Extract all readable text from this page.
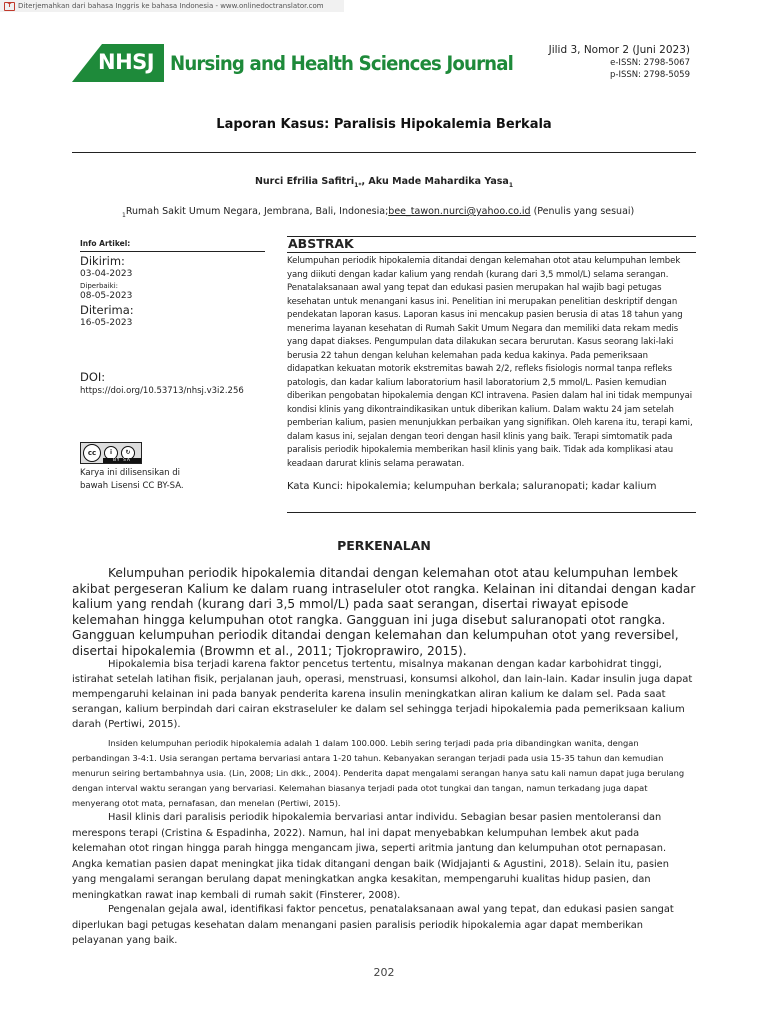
T Diterjemahkan dari bahasa Inggris ke bahasa Indonesia - www.onlinedoctranslator.com
NHSJ Nursing and Health Sciences Journal
Jilid 3, Nomor 2 (Juni 2023)
e-ISSN: 2798-5067
p-ISSN: 2798-5059
Laporan Kasus: Paralisis Hipokalemia Berkala
Nurci Efrilia Safitri$_{1*}$, Aku Made Mahardika Yasa$_1$
$_1$Rumah Sakit Umum Negara, Jembrana, Bali, Indonesia;bee_tawon.nurci@yahoo.co.id (Penulis yang sesuai)
Info Artikel:
Dikirim:
03-04-2023
Diperbaiki:
08-05-2023
Diterima:
16-05-2023
DOI:
https://doi.org/10.53713/nhsj.v3i2.256
cc	i	↻
BY SA
Karya ini dilisensikan di
bawah Lisensi CC BY-SA.
ABSTRAK
Kelumpuhan periodik hipokalemia ditandai dengan kelemahan otot atau kelumpuhan lembek yang diikuti dengan kadar kalium yang rendah (kurang dari 3,5 mmol/L) selama serangan. Penatalaksanaan awal yang tepat dan edukasi pasien merupakan hal wajib bagi petugas kesehatan untuk menangani kasus ini. Penelitian ini merupakan penelitian deskriptif dengan pendekatan laporan kasus. Laporan kasus ini mencakup pasien berusia di atas 18 tahun yang menerima layanan kesehatan di Rumah Sakit Umum Negara dan memiliki data rekam medis yang dapat diakses. Pengumpulan data dilakukan secara berurutan. Kasus seorang laki-laki berusia 22 tahun dengan keluhan kelemahan pada kedua kakinya. Pada pemeriksaan didapatkan kekuatan motorik ekstremitas bawah 2/2, refleks fisiologis normal tanpa refleks patologis, dan kadar kalium laboratorium hasil laboratorium 2,5 mmol/L. Pasien kemudian diberikan pengobatan hipokalemia dengan KCl intravena. Pasien dalam hal ini tidak mempunyai kondisi klinis yang dikontraindikasikan untuk diberikan kalium. Dalam waktu 24 jam setelah pemberian kalium, pasien menunjukkan perbaikan yang signifikan. Oleh karena itu, terapi kami, dalam kasus ini, sejalan dengan teori dengan hasil klinis yang baik. Terapi simtomatik pada paralisis periodik hipokalemia memberikan hasil klinis yang baik. Tidak ada komplikasi atau keadaan darurat klinis selama perawatan.
Kata Kunci: hipokalemia; kelumpuhan berkala; saluranopati; kadar kalium
PERKENALAN
Kelumpuhan periodik hipokalemia ditandai dengan kelemahan otot atau kelumpuhan lembek akibat pergeseran Kalium ke dalam ruang intraseluler otot rangka. Kelainan ini ditandai dengan kadar kalium yang rendah (kurang dari 3,5 mmol/L) pada saat serangan, disertai riwayat episode kelemahan hingga kelumpuhan otot rangka. Gangguan ini juga disebut saluranopati otot rangka. Gangguan kelumpuhan periodik ditandai dengan kelemahan dan kelumpuhan otot yang reversibel, disertai hipokalemia (Browmn et al., 2011; Tjokroprawiro, 2015).
Hipokalemia bisa terjadi karena faktor pencetus tertentu, misalnya makanan dengan kadar karbohidrat tinggi, istirahat setelah latihan fisik, perjalanan jauh, operasi, menstruasi, konsumsi alkohol, dan lain-lain. Kadar insulin juga dapat mempengaruhi kelainan ini pada banyak penderita karena insulin meningkatkan aliran kalium ke dalam sel. Pada saat serangan, kalium berpindah dari cairan ekstraseluler ke dalam sel sehingga terjadi hipokalemia pada pemeriksaan kalium darah (Pertiwi, 2015).
Insiden kelumpuhan periodik hipokalemia adalah 1 dalam 100.000. Lebih sering terjadi pada pria dibandingkan wanita, dengan perbandingan 3-4:1. Usia serangan pertama bervariasi antara 1-20 tahun. Kebanyakan serangan terjadi pada usia 15-35 tahun dan kemudian menurun seiring bertambahnya usia. (Lin, 2008; Lin dkk., 2004). Penderita dapat mengalami serangan hanya satu kali namun dapat juga berulang dengan interval waktu serangan yang bervariasi. Kelemahan biasanya terjadi pada otot tungkai dan tangan, namun terkadang juga dapat menyerang otot mata, pernafasan, dan menelan (Pertiwi, 2015).
Hasil klinis dari paralisis periodik hipokalemia bervariasi antar individu. Sebagian besar pasien mentoleransi dan merespons terapi (Cristina & Espadinha, 2022). Namun, hal ini dapat menyebabkan kelumpuhan lembek akut pada kelemahan otot ringan hingga parah hingga mengancam jiwa, seperti aritmia jantung dan kelumpuhan otot pernapasan. Angka kematian pasien dapat meningkat jika tidak ditangani dengan baik (Widjajanti & Agustini, 2018). Selain itu, pasien yang mengalami serangan berulang dapat meningkatkan angka kesakitan, mempengaruhi kualitas hidup pasien, dan meningkatkan rawat inap kembali di rumah sakit (Finsterer, 2008).
Pengenalan gejala awal, identifikasi faktor pencetus, penatalaksanaan awal yang tepat, dan edukasi pasien sangat diperlukan bagi petugas kesehatan dalam menangani pasien paralisis periodik hipokalemia agar dapat memberikan pelayanan yang baik.
202
